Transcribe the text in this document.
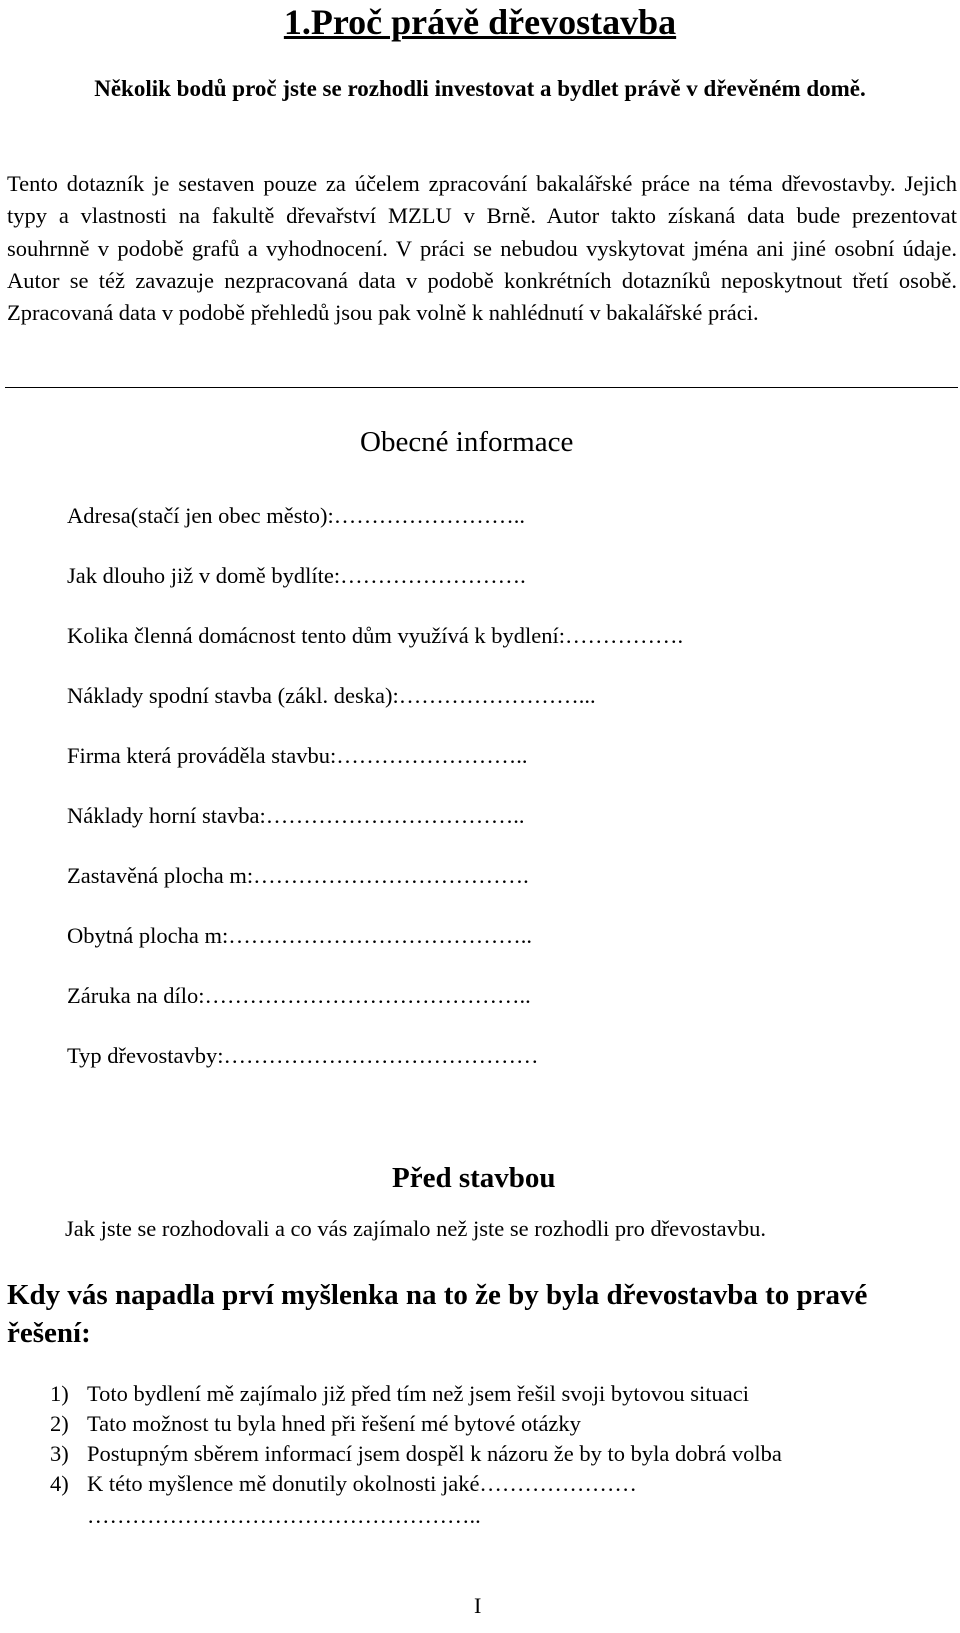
1.Proč právě dřevostavba
Několik bodů proč jste se rozhodli investovat a bydlet právě v dřevěném domě.

Tento dotazník je sestaven pouze za účelem zpracování bakalářské práce na téma dřevostavby. Jejich typy a vlastnosti na fakultě dřevařství MZLU v Brně. Autor takto získaná data bude prezentovat souhrnně v podobě grafů a vyhodnocení. V práci se nebudou vyskytovat jména ani jiné osobní údaje. Autor se též zavazuje nezpracovaná data v podobě konkrétních dotazníků neposkytnout třetí osobě. Zpracovaná data v podobě přehledů jsou pak volně k nahlédnutí v bakalářské práci.

Obecné informace
Adresa(stačí jen obec město):……………………..
Jak dlouho již v domě bydlíte:…………………….
Kolika členná domácnost tento dům využívá k bydlení:…………….
Náklady spodní stavba (zákl. deska):……………………...
Firma která prováděla stavbu:……………………..
Náklady horní stavba:……………………………..
Zastavěná plocha m:……………………………….
Obytná plocha m:…………………………………..
Záruka na dílo:……………………………………..
Typ dřevostavby:……………………………………
Před stavbou
Jak jste se rozhodovali a co vás zajímalo než jste se rozhodli pro dřevostavbu.

Kdy vás napadla prví myšlenka na to že by byla dřevostavba to pravé řešení:

1) Toto bydlení mě zajímalo již před tím než jsem řešil svoji bytovou situaci
2) Tato možnost tu byla hned při řešení mé bytové otázky
3) Postupným sběrem informací jsem dospěl k názoru že by to byla dobrá volba
4) K této myšlence mě donutily okolnosti jaké…………………
……………………………………………..
I
